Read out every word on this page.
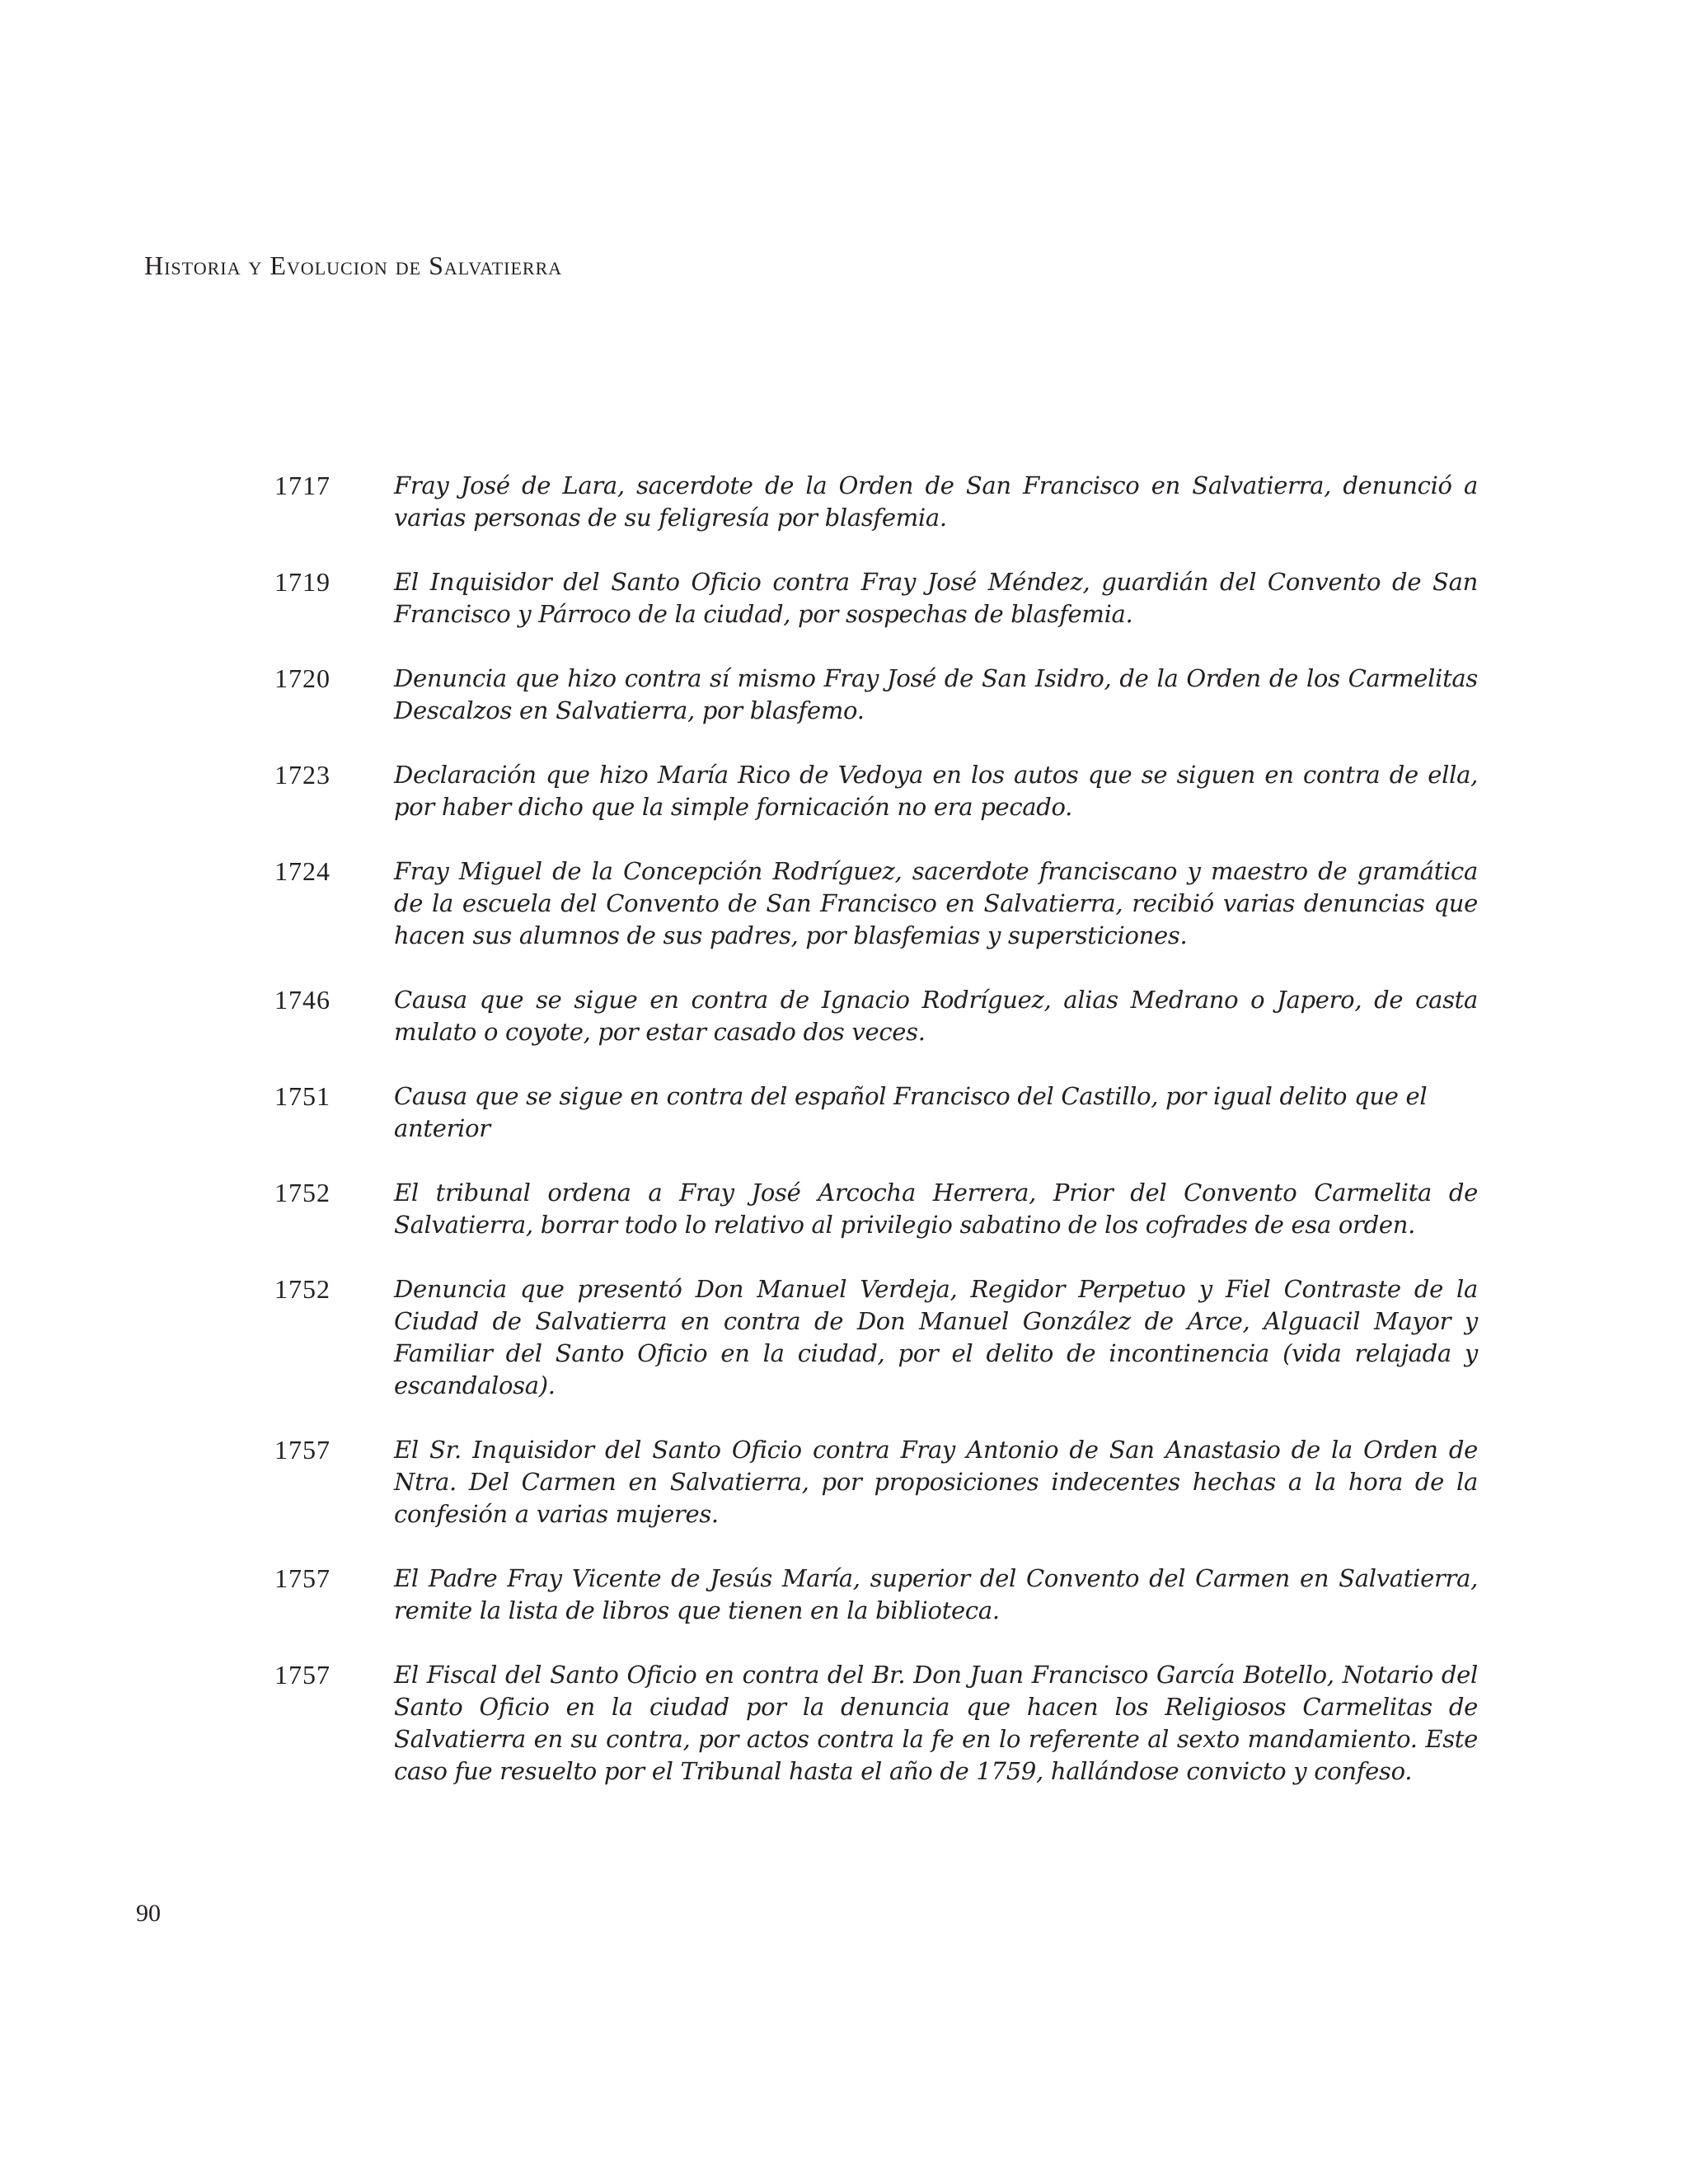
Historia y Evolucion de Salvatierra
1717	Fray José de Lara, sacerdote de la Orden de San Francisco en Salvatierra, denunció a varias personas de su feligresía por blasfemia.
1719	El Inquisidor del Santo Oficio contra Fray José Méndez, guardián del Convento de San Francisco y Párroco de la ciudad, por sospechas de blasfemia.
1720	Denuncia que hizo contra sí mismo Fray José de San Isidro, de la Orden de los Carmelitas Descalzos en Salvatierra, por blasfemo.
1723	Declaración que hizo María Rico de Vedoya en los autos que se siguen en contra de ella, por haber dicho que la simple fornicación no era pecado.
1724	Fray Miguel de la Concepción Rodríguez, sacerdote franciscano y maestro de gramática de la escuela del Convento de San Francisco en Salvatierra, recibió varias denuncias que hacen sus alumnos de sus padres, por blasfemias y supersticiones.
1746	Causa que se sigue en contra de Ignacio Rodríguez, alias Medrano o Japero, de casta mulato o coyote, por estar casado dos veces.
1751	Causa que se sigue en contra del español Francisco del Castillo, por igual delito que el anterior
1752	El tribunal ordena a Fray José Arcocha Herrera, Prior del Convento Carmelita de Salvatierra, borrar todo lo relativo al privilegio sabatino de los cofrades de esa orden.
1752	Denuncia que presentó Don Manuel Verdeja, Regidor Perpetuo y Fiel Contraste de la Ciudad de Salvatierra en contra de Don Manuel González de Arce, Alguacil Mayor y Familiar del Santo Oficio en la ciudad, por el delito de incontinencia (vida relajada y escandalosa).
1757	El Sr. Inquisidor del Santo Oficio contra Fray Antonio de San Anastasio de la Orden de Ntra. Del Carmen en Salvatierra, por proposiciones indecentes hechas a la hora de la confesión a varias mujeres.
1757	El Padre Fray Vicente de Jesús María, superior del Convento del Carmen en Salvatierra, remite la lista de libros que tienen en la biblioteca.
1757	El Fiscal del Santo Oficio en contra del Br. Don Juan Francisco García Botello, Notario del Santo Oficio en la ciudad por la denuncia que hacen los Religiosos Carmelitas de Salvatierra en su contra, por actos contra la fe en lo referente al sexto mandamiento. Este caso fue resuelto por el Tribunal hasta el año de 1759, hallándose convicto y confeso.
90
